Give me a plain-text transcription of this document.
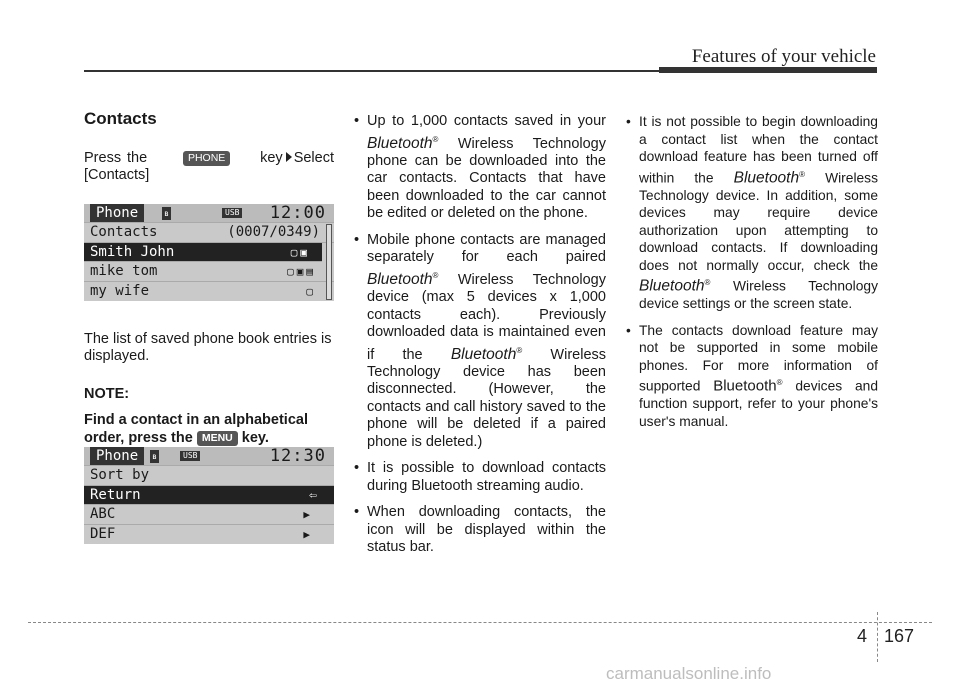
Features of your vehicle
Contacts

Press the	PHONE key Select [Contacts]

The list of saved phone book entries is displayed.

NOTE:

Find a contact in an alphabetical order, press the MENU key.

Phone	ʙ	USB 12:00
Contacts	(0007/0349)
Smith John	▢▣
mike tom	▢▣▤
my wife	▢
Phone ʙ	USB	12:30
Sort by
Return	⇦
ABC	▶
DEF	▶
• Up to 1,000 contacts saved in your Bluetooth® Wireless Technology phone can be downloaded into the car contacts. Contacts that have been downloaded to the car cannot be edited or deleted on the phone.
• Mobile phone contacts are managed separately for each paired Bluetooth® Wireless Technology device (max 5 devices x 1,000 contacts each). Previously downloaded data is maintained even if the Bluetooth® Wireless Technology device has been disconnected. (However, the contacts and call history saved to the phone will be deleted if a paired phone is deleted.)
• It is possible to download contacts during Bluetooth streaming audio.
• When downloading contacts, the icon will be displayed within the status bar.
• It is not possible to begin downloading a contact list when the contact download feature has been turned off within the Bluetooth® Wireless Technology device. In addition, some devices may require device authorization upon attempting to download contacts. If downloading does not normally occur, check the Bluetooth® Wireless Technology device settings or the screen state.
• The contacts download feature may not be supported in some mobile phones. For more information of supported Bluetooth® devices and function support, refer to your phone's user's manual.
4 167
carmanualsonline.info
